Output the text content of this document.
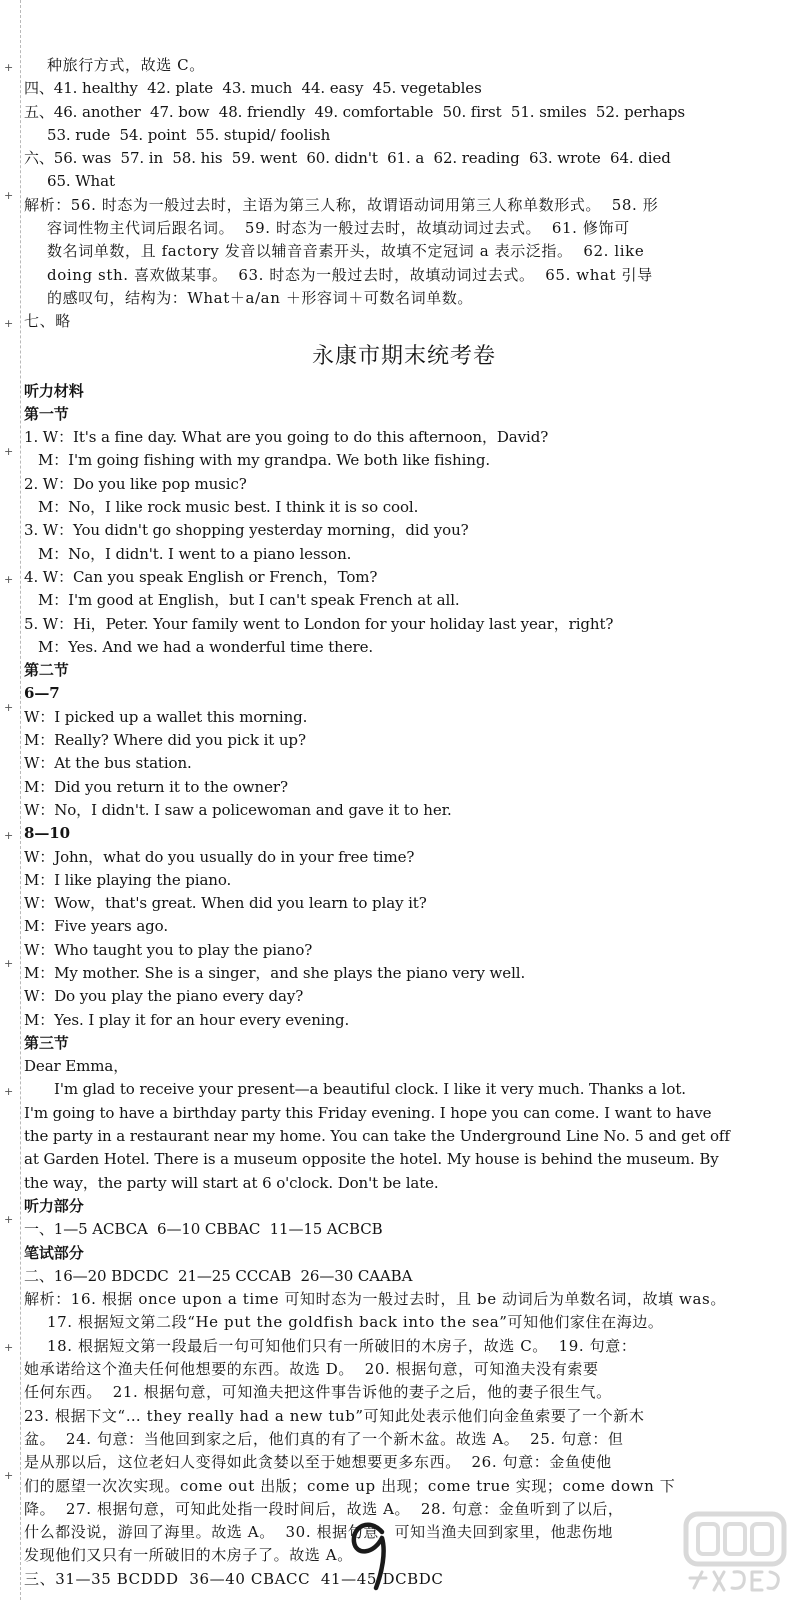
+
+
+
+
+
+
+
+
+
+
+
+
种旅行方式，故选 C。
四、41. healthy  42. plate  43. much  44. easy  45. vegetables
五、46. another  47. bow  48. friendly  49. comfortable  50. first  51. smiles  52. perhaps
53. rude  54. point  55. stupid/ foolish
六、56. was  57. in  58. his  59. went  60. didn't  61. a  62. reading  63. wrote  64. died
65. What
解析：56. 时态为一般过去时，主语为第三人称，故谓语动词用第三人称单数形式。  58. 形
容词性物主代词后跟名词。  59. 时态为一般过去时，故填动词过去式。  61. 修饰可
数名词单数，且 factory 发音以辅音音素开头，故填不定冠词 a 表示泛指。  62. like
doing sth. 喜欢做某事。  63. 时态为一般过去时，故填动词过去式。  65. what 引导
的感叹句，结构为：What＋a/an ＋形容词＋可数名词单数。
七、略
永康市期末统考卷
听力材料
第一节
1. W：It's a fine day. What are you going to do this afternoon，David?
M：I'm going fishing with my grandpa. We both like fishing.
2. W：Do you like pop music?
M：No，I like rock music best. I think it is so cool.
3. W：You didn't go shopping yesterday morning，did you?
M：No，I didn't. I went to a piano lesson.
4. W：Can you speak English or French，Tom?
M：I'm good at English，but I can't speak French at all.
5. W：Hi，Peter. Your family went to London for your holiday last year，right?
M：Yes. And we had a wonderful time there.
第二节
6—7
W：I picked up a wallet this morning.
M：Really? Where did you pick it up?
W：At the bus station.
M：Did you return it to the owner?
W：No，I didn't. I saw a policewoman and gave it to her.
8—10
W：John，what do you usually do in your free time?
M：I like playing the piano.
W：Wow，that's great. When did you learn to play it?
M：Five years ago.
W：Who taught you to play the piano?
M：My mother. She is a singer，and she plays the piano very well.
W：Do you play the piano every day?
M：Yes. I play it for an hour every evening.
第三节
Dear Emma，
I'm glad to receive your present—a beautiful clock. I like it very much. Thanks a lot.
I'm going to have a birthday party this Friday evening. I hope you can come. I want to have
the party in a restaurant near my home. You can take the Underground Line No. 5 and get off
at Garden Hotel. There is a museum opposite the hotel. My house is behind the museum. By
the way，the party will start at 6 o'clock. Don't be late.
听力部分
一、1—5 ACBCA  6—10 CBBAC  11—15 ACBCB
笔试部分
二、16—20 BDCDC  21—25 CCCAB  26—30 CAABA
解析：16. 根据 once upon a time 可知时态为一般过去时，且 be 动词后为单数名词，故填 was。
17. 根据短文第二段“He put the goldfish back into the sea”可知他们家住在海边。
18. 根据短文第一段最后一句可知他们只有一所破旧的木房子，故选 C。  19. 句意：
她承诺给这个渔夫任何他想要的东西。故选 D。  20. 根据句意，可知渔夫没有索要
任何东西。  21. 根据句意，可知渔夫把这件事告诉他的妻子之后，他的妻子很生气。
23. 根据下文“… they really had a new tub”可知此处表示他们向金鱼索要了一个新木
盆。  24. 句意：当他回到家之后，他们真的有了一个新木盆。故选 A。  25. 句意：但
是从那以后，这位老妇人变得如此贪婪以至于她想要更多东西。  26. 句意：金鱼使他
们的愿望一次次实现。come out 出版；come up 出现；come true 实现；come down 下
降。  27. 根据句意，可知此处指一段时间后，故选 A。  28. 句意：金鱼听到了以后，
什么都没说，游回了海里。故选 A。  30. 根据句意，可知当渔夫回到家里，他悲伤地
发现他们又只有一所破旧的木房子了。故选 A。
三、31—35 BCDDD  36—40 CBACC  41—45 DCBDC
